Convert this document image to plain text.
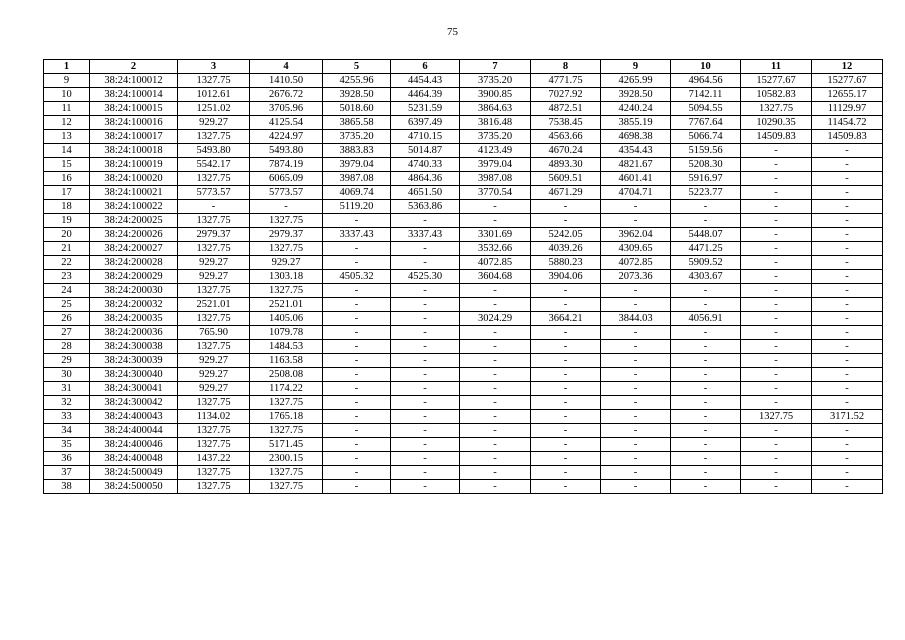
75
1	2	3	4	5	6	7	8	9	10	11	12
9	38:24:100012	1327.75	1410.50	4255.96	4454.43	3735.20	4771.75	4265.99	4964.56	15277.67	15277.67
10	38:24:100014	1012.61	2676.72	3928.50	4464.39	3900.85	7027.92	3928.50	7142.11	10582.83	12655.17
11	38:24:100015	1251.02	3705.96	5018.60	5231.59	3864.63	4872.51	4240.24	5094.55	1327.75	11129.97
12	38:24:100016	929.27	4125.54	3865.58	6397.49	3816.48	7538.45	3855.19	7767.64	10290.35	11454.72
13	38:24:100017	1327.75	4224.97	3735.20	4710.15	3735.20	4563.66	4698.38	5066.74	14509.83	14509.83
14	38:24:100018	5493.80	5493.80	3883.83	5014.87	4123.49	4670.24	4354.43	5159.56	-	-
15	38:24:100019	5542.17	7874.19	3979.04	4740.33	3979.04	4893.30	4821.67	5208.30	-	-
16	38:24:100020	1327.75	6065.09	3987.08	4864.36	3987.08	5609.51	4601.41	5916.97	-	-
17	38:24:100021	5773.57	5773.57	4069.74	4651.50	3770.54	4671.29	4704.71	5223.77	-	-
18	38:24:100022	-	-	5119.20	5363.86	-	-	-	-	-	-
19	38:24:200025	1327.75	1327.75	-	-	-	-	-	-	-	-
20	38:24:200026	2979.37	2979.37	3337.43	3337.43	3301.69	5242.05	3962.04	5448.07	-	-
21	38:24:200027	1327.75	1327.75	-	-	3532.66	4039.26	4309.65	4471.25	-	-
22	38:24:200028	929.27	929.27	-	-	4072.85	5880.23	4072.85	5909.52	-	-
23	38:24:200029	929.27	1303.18	4505.32	4525.30	3604.68	3904.06	2073.36	4303.67	-	-
24	38:24:200030	1327.75	1327.75	-	-	-	-	-	-	-	-
25	38:24:200032	2521.01	2521.01	-	-	-	-	-	-	-	-
26	38:24:200035	1327.75	1405.06	-	-	3024.29	3664.21	3844.03	4056.91	-	-
27	38:24:200036	765.90	1079.78	-	-	-	-	-	-	-	-
28	38:24:300038	1327.75	1484.53	-	-	-	-	-	-	-	-
29	38:24:300039	929.27	1163.58	-	-	-	-	-	-	-	-
30	38:24:300040	929.27	2508.08	-	-	-	-	-	-	-	-
31	38:24:300041	929.27	1174.22	-	-	-	-	-	-	-	-
32	38:24:300042	1327.75	1327.75	-	-	-	-	-	-	-	-
33	38:24:400043	1134.02	1765.18	-	-	-	-	-	-	1327.75	3171.52
34	38:24:400044	1327.75	1327.75	-	-	-	-	-	-	-	-
35	38:24:400046	1327.75	5171.45	-	-	-	-	-	-	-	-
36	38:24:400048	1437.22	2300.15	-	-	-	-	-	-	-	-
37	38:24:500049	1327.75	1327.75	-	-	-	-	-	-	-	-
38	38:24:500050	1327.75	1327.75	-	-	-	-	-	-	-	-
